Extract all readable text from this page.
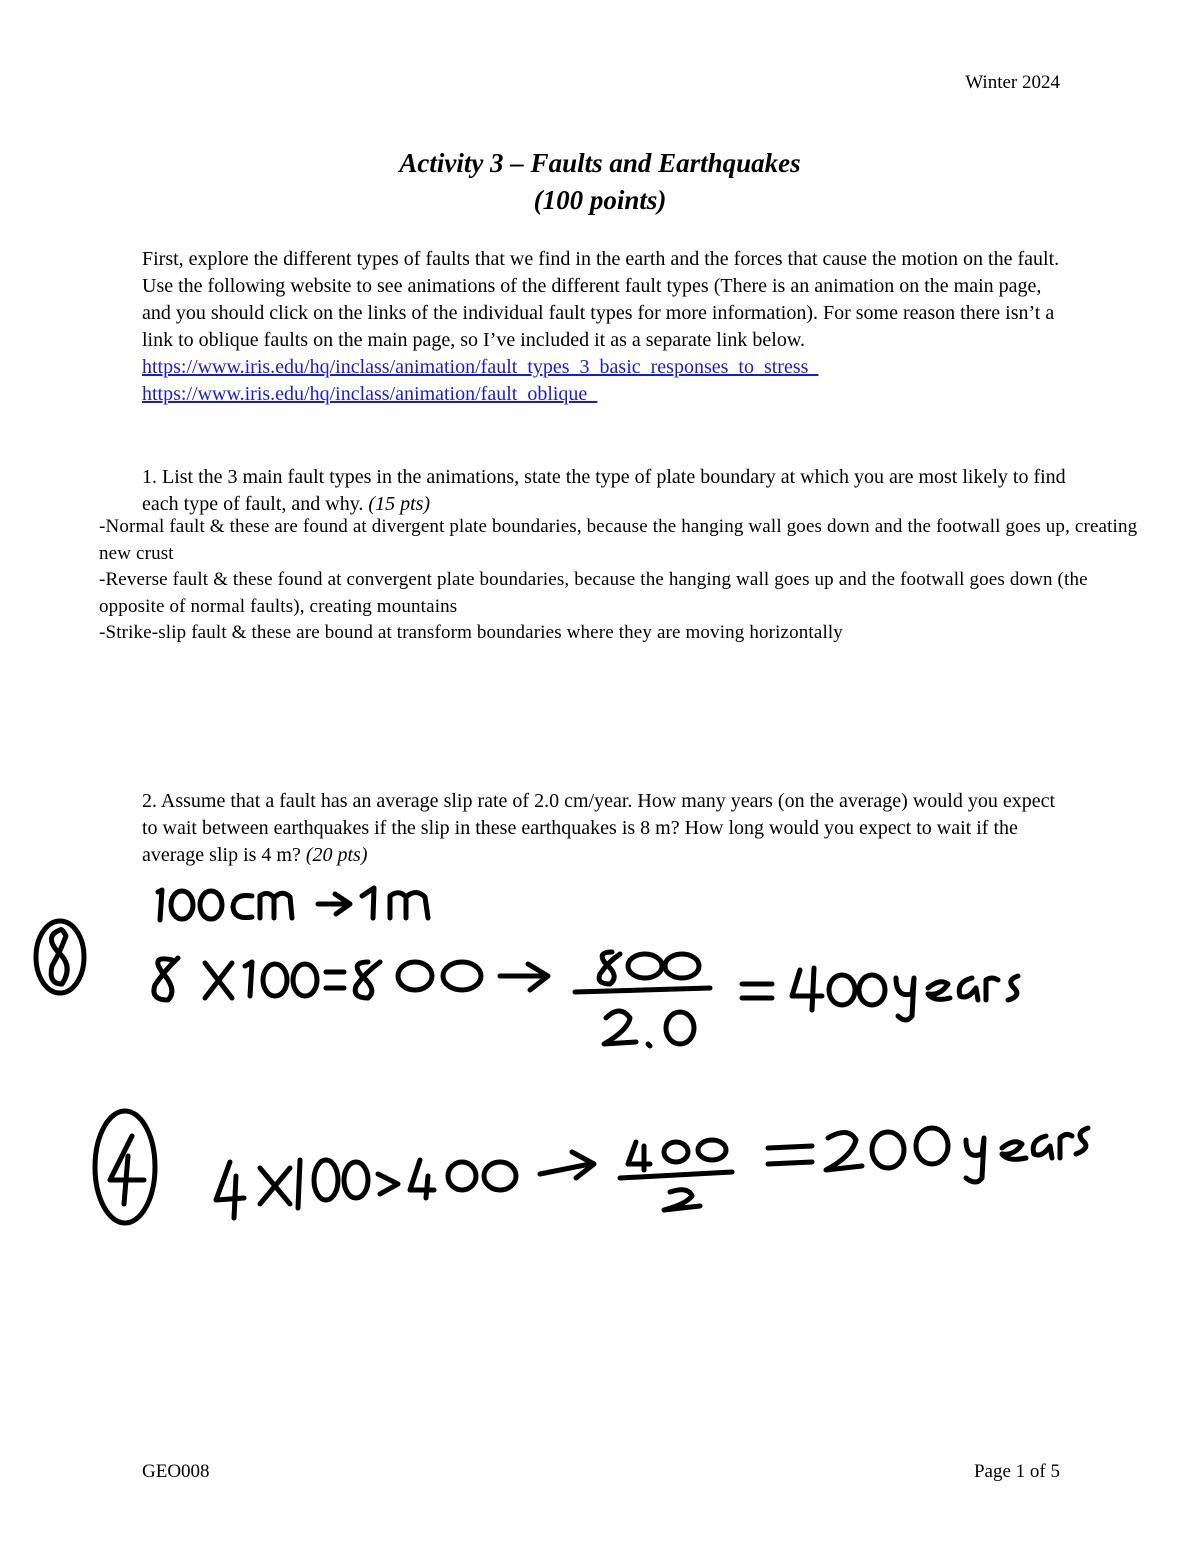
Winter 2024
Activity 3 – Faults and Earthquakes
(100 points)

First, explore the different types of faults that we find in the earth and the forces that cause the motion on the fault. Use the following website to see animations of the different fault types (There is an animation on the main page, and you should click on the links of the individual fault types for more information). For some reason there isn’t a link to oblique faults on the main page, so I’ve included it as a separate link below.

https://www.iris.edu/hq/inclass/animation/fault_types_3_basic_responses_to_stress_

https://www.iris.edu/hq/inclass/animation/fault_oblique_

1. List the 3 main fault types in the animations, state the type of plate boundary at which you are most likely to find each type of fault, and why. (15 pts)

-Normal fault & these are found at divergent plate boundaries, because the hanging wall goes down and the footwall goes up, creating new crust

-Reverse fault & these found at convergent plate boundaries, because the hanging wall goes up and the footwall goes down (the opposite of normal faults), creating mountains

-Strike-slip fault & these are bound at transform boundaries where they are moving horizontally

2. Assume that a fault has an average slip rate of 2.0 cm/year. How many years (on the average) would you expect to wait between earthquakes if the slip in these earthquakes is 8 m? How long would you expect to wait if the average slip is 4 m? (20 pts)

GEO008	Page 1 of 5
